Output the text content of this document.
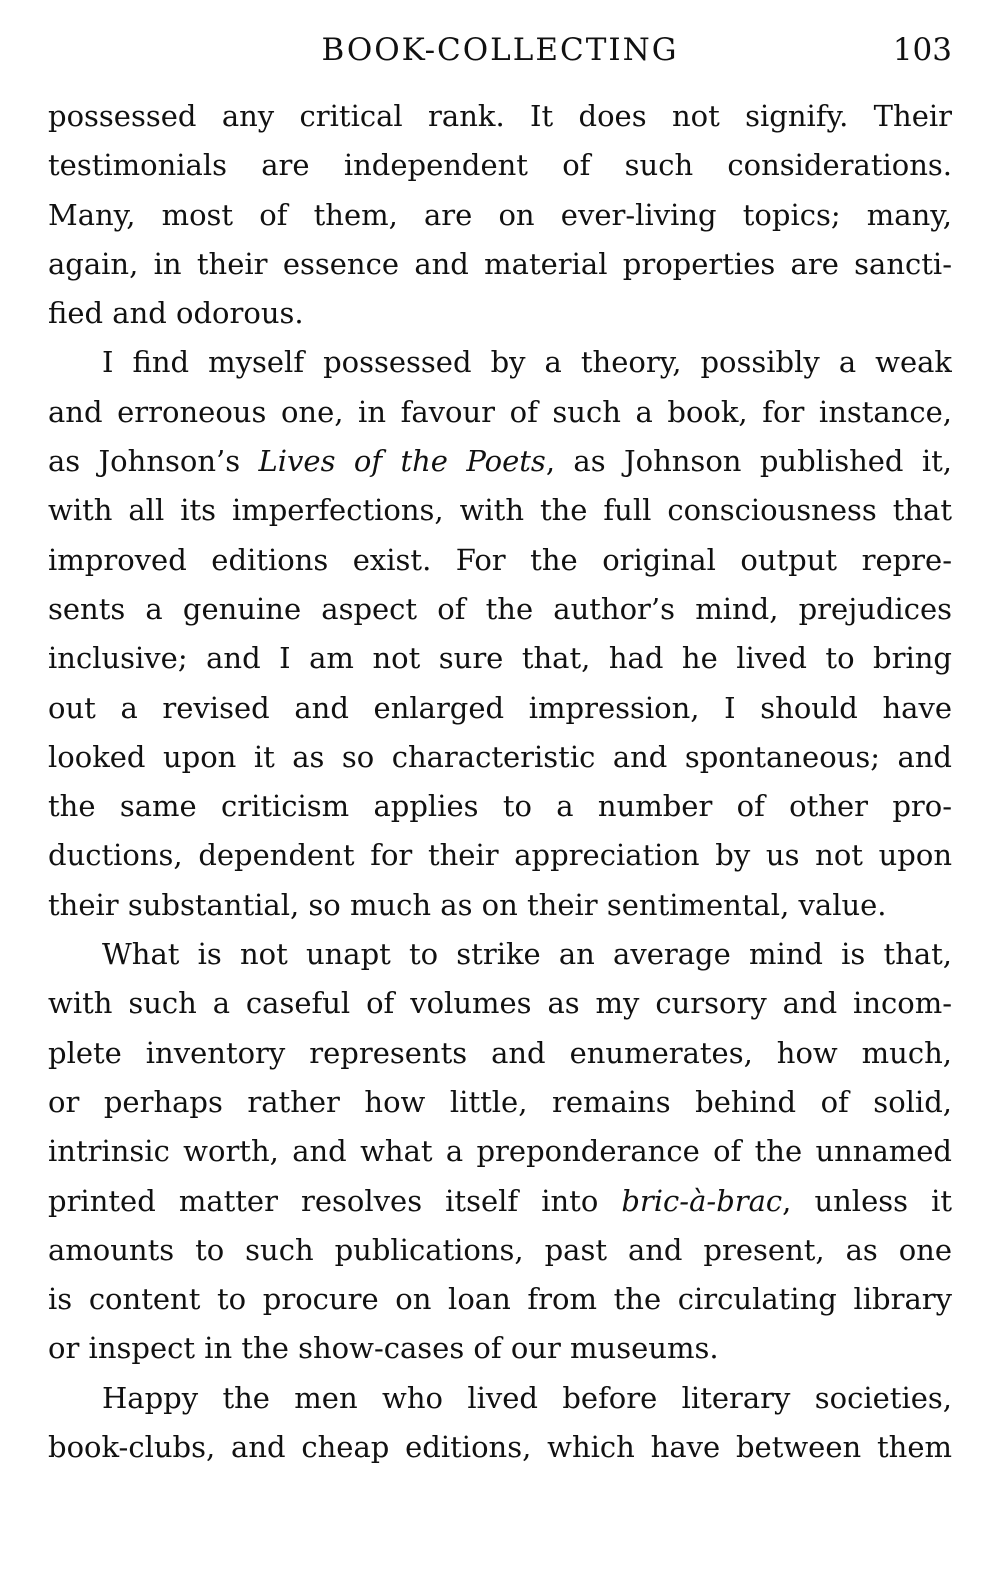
BOOK-COLLECTING	103

possessed any critical rank. It does not signify. Their
testimonials are independent of such considerations.
Many, most of them, are on ever-living topics; many,
again, in their essence and material properties are sancti-
fied and odorous.

I find myself possessed by a theory, possibly a weak
and erroneous one, in favour of such a book, for instance,
as Johnson’s Lives of the Poets, as Johnson published it,
with all its imperfections, with the full consciousness that
improved editions exist. For the original output repre-
sents a genuine aspect of the author’s mind, prejudices
inclusive; and I am not sure that, had he lived to bring
out a revised and enlarged impression, I should have
looked upon it as so characteristic and spontaneous; and
the same criticism applies to a number of other pro-
ductions, dependent for their appreciation by us not upon
their substantial, so much as on their sentimental, value.

What is not unapt to strike an average mind is that,
with such a caseful of volumes as my cursory and incom-
plete inventory represents and enumerates, how much,
or perhaps rather how little, remains behind of solid,
intrinsic worth, and what a preponderance of the unnamed
printed matter resolves itself into bric-à-brac, unless it
amounts to such publications, past and present, as one
is content to procure on loan from the circulating library
or inspect in the show-cases of our museums.

Happy the men who lived before literary societies,
book-clubs, and cheap editions, which have between them
